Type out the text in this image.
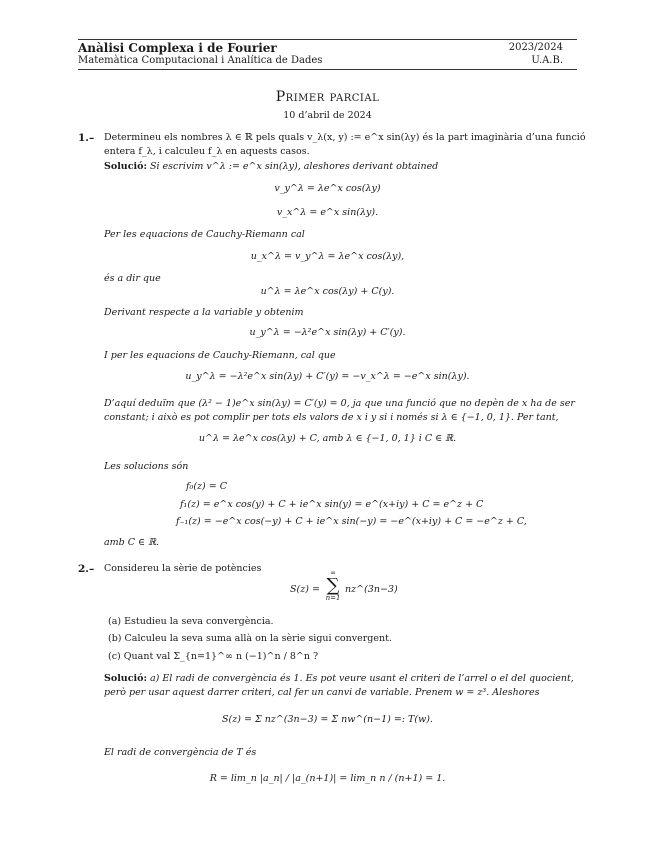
Anàlisi Complexa i de Fourier
Matemàtica Computacional i Analítica de Dades
2023/2024
U.A.B.
Primer parcial
10 d’abril de 2024
1.– Determineu els nombres λ ∈ ℝ pels quals v_λ(x, y) := e^x sin(λy) és la part imaginària d’una funció
entera f_λ, i calculeu f_λ en aquests casos.
Solució: Si escrivim v^λ := e^x sin(λy), aleshores derivant obtained
v_y^λ = λe^x cos(λy)
v_x^λ = e^x sin(λy).
Per les equacions de Cauchy-Riemann cal
u_x^λ = v_y^λ = λe^x cos(λy),
és a dir que
u^λ = λe^x cos(λy) + C(y).
Derivant respecte a la variable y obtenim
u_y^λ = −λ²e^x sin(λy) + C′(y).
I per les equacions de Cauchy-Riemann, cal que
u_y^λ = −λ²e^x sin(λy) + C′(y) = −v_x^λ = −e^x sin(λy).
D’aquí deduïm que (λ² − 1)e^x sin(λy) = C′(y) = 0, ja que una funció que no depèn de x ha de ser
constant; i això es pot complir per tots els valors de x i y si i només si λ ∈ {−1, 0, 1}. Per tant,
u^λ = λe^x cos(λy) + C, amb λ ∈ {−1, 0, 1} i C ∈ ℝ.
Les solucions són
f₀(z) = C
f₁(z) = e^x cos(y) + C + ie^x sin(y) = e^(x+iy) + C = e^z + C
f₋₁(z) = −e^x cos(−y) + C + ie^x sin(−y) = −e^(x+iy) + C = −e^z + C,
amb C ∈ ℝ.
2.– Considereu la sèrie de potències
S(z) =
∞
∑
n=1
nz^(3n−3)
(a) Estudieu la seva convergència.
(b) Calculeu la seva suma allà on la sèrie sigui convergent.
(c) Quant val Σ_{n=1}^∞ n (−1)^n / 8^n ?
Solució: a) El radi de convergència és 1. Es pot veure usant el criteri de l’arrel o el del quocient,
però per usar aquest darrer criteri, cal fer un canvi de variable. Prenem w = z³. Aleshores
S(z) = Σ nz^(3n−3) = Σ nw^(n−1) =: T(w).
El radi de convergència de T és
R = lim_n |a_n| / |a_(n+1)| = lim_n n / (n+1) = 1.
